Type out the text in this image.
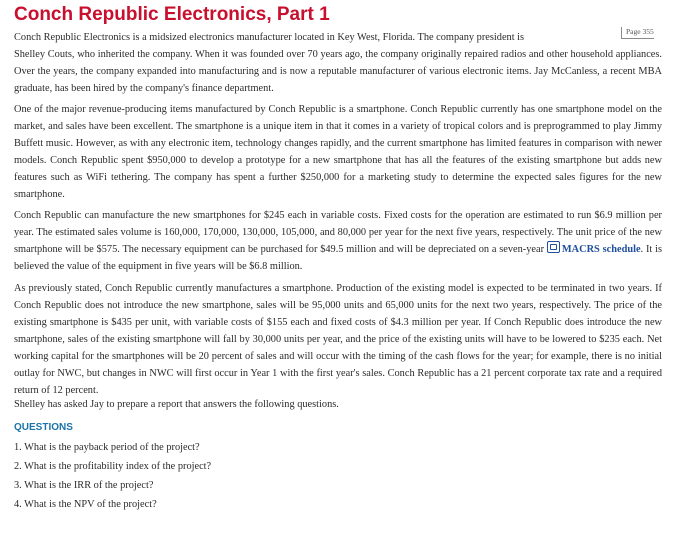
Conch Republic Electronics, Part 1
Page 355

Conch Republic Electronics is a midsized electronics manufacturer located in Key West, Florida. The company president is

Shelley Couts, who inherited the company. When it was founded over 70 years ago, the company originally repaired radios and other household appliances. Over the years, the company expanded into manufacturing and is now a reputable manufacturer of various electronic items. Jay McCanless, a recent MBA graduate, has been hired by the company's finance department.

One of the major revenue-producing items manufactured by Conch Republic is a smartphone. Conch Republic currently has one smartphone model on the market, and sales have been excellent. The smartphone is a unique item in that it comes in a variety of tropical colors and is preprogrammed to play Jimmy Buffett music. However, as with any electronic item, technology changes rapidly, and the current smartphone has limited features in comparison with newer models. Conch Republic spent $950,000 to develop a prototype for a new smartphone that has all the features of the existing smartphone but adds new features such as WiFi tethering. The company has spent a further $250,000 for a marketing study to determine the expected sales figures for the new smartphone.

Conch Republic can manufacture the new smartphones for $245 each in variable costs. Fixed costs for the operation are estimated to run $6.9 million per year. The estimated sales volume is 160,000, 170,000, 130,000, 105,000, and 80,000 per year for the next five years, respectively. The unit price of the new smartphone will be $575. The necessary equipment can be purchased for $49.5 million and will be depreciated on a seven-year MACRS schedule. It is believed the value of the equipment in five years will be $6.8 million.

As previously stated, Conch Republic currently manufactures a smartphone. Production of the existing model is expected to be terminated in two years. If Conch Republic does not introduce the new smartphone, sales will be 95,000 units and 65,000 units for the next two years, respectively. The price of the existing smartphone is $435 per unit, with variable costs of $155 each and fixed costs of $4.3 million per year. If Conch Republic does introduce the new smartphone, sales of the existing smartphone will fall by 30,000 units per year, and the price of the existing units will have to be lowered to $235 each. Net working capital for the smartphones will be 20 percent of sales and will occur with the timing of the cash flows for the year; for example, there is no initial outlay for NWC, but changes in NWC will first occur in Year 1 with the first year's sales. Conch Republic has a 21 percent corporate tax rate and a required return of 12 percent.

Shelley has asked Jay to prepare a report that answers the following questions.

QUESTIONS
1. What is the payback period of the project?
2. What is the profitability index of the project?
3. What is the IRR of the project?
4. What is the NPV of the project?
